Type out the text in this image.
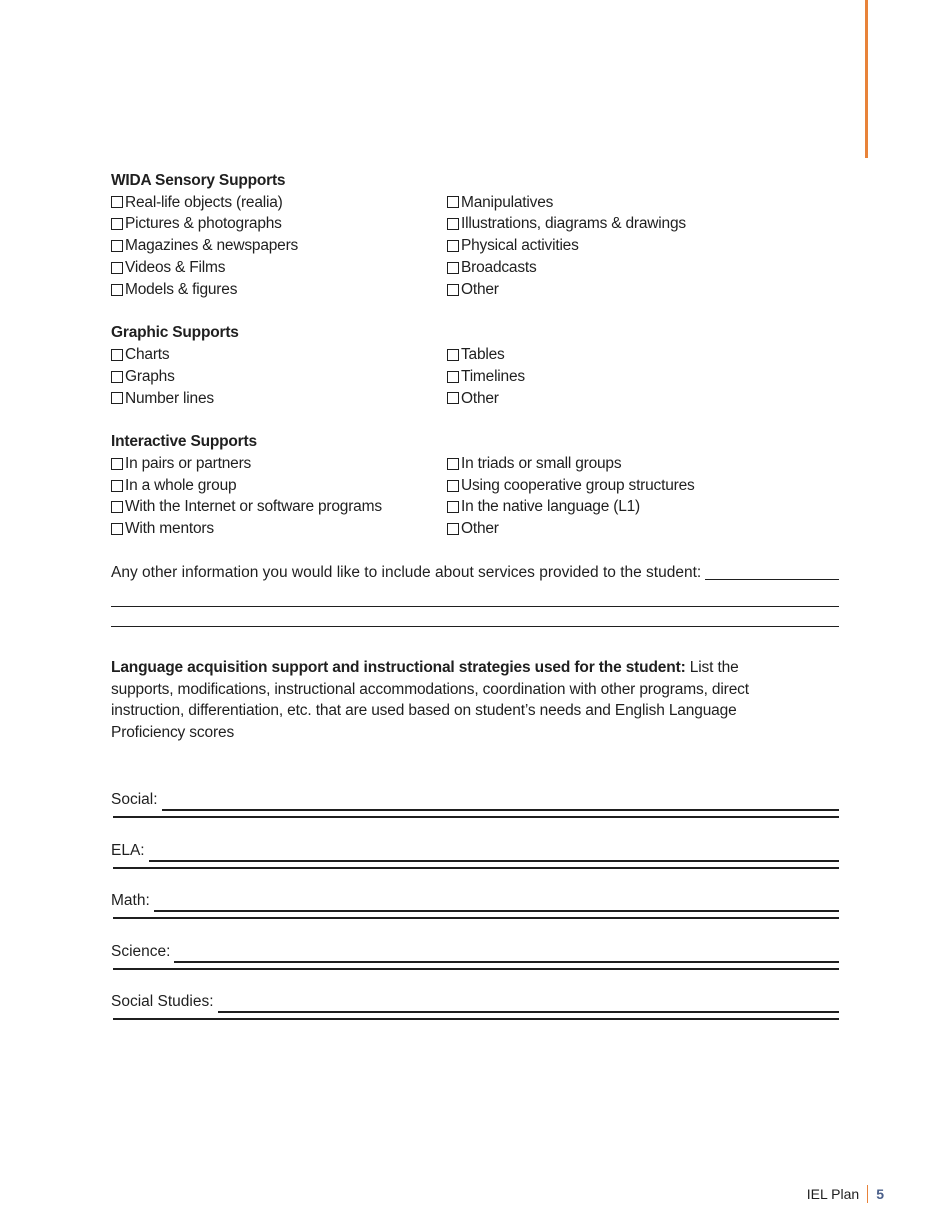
WIDA Sensory Supports
Real-life objects (realia)	Manipulatives
Pictures & photographs	Illustrations, diagrams & drawings
Magazines & newspapers	Physical activities
Videos & Films	Broadcasts
Models & figures	Other
Graphic Supports
Charts	Tables
Graphs	Timelines
Number lines	Other
Interactive Supports
In pairs or partners	In triads or small groups
In a whole group	Using cooperative group structures
With the Internet or software programs	In the native language (L1)
With mentors	Other
Any other information you would like to include about services provided to the student:
Language acquisition support and instructional strategies used for the student: List the supports, modifications, instructional accommodations, coordination with other programs, direct instruction, differentiation, etc. that are used based on student’s needs and English Language Proficiency scores
Social:
ELA:
Math:
Science:
Social Studies:
IEL Plan 5
